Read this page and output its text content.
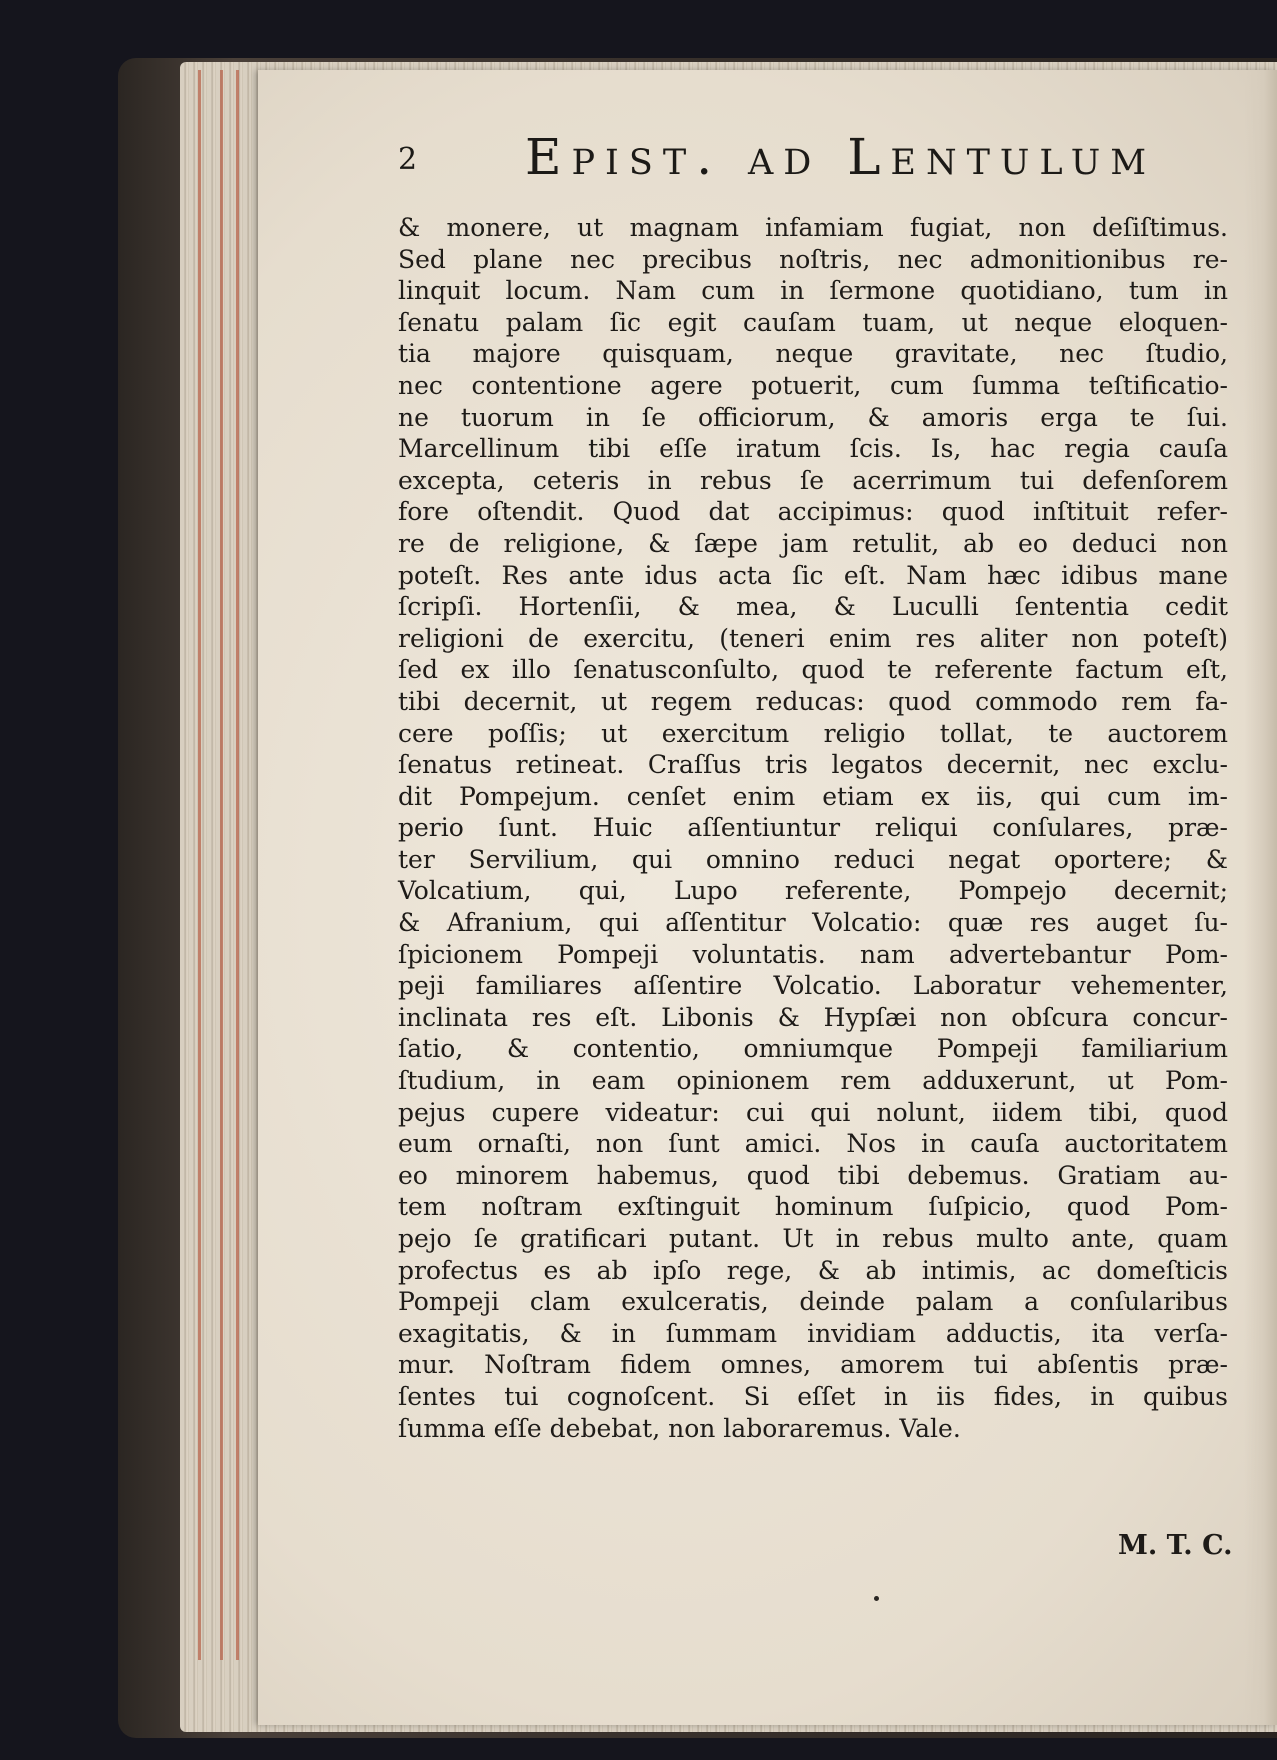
2 Epist. ad Lentulum
& monere, ut magnam infamiam fugiat, non deſiſtimus.
Sed plane nec precibus noſtris, nec admonitionibus re-
linquit locum. Nam cum in ſermone quotidiano, tum in
ſenatu palam ſic egit cauſam tuam, ut neque eloquen-
tia majore quisquam, neque gravitate, nec ſtudio,
nec contentione agere potuerit, cum ſumma teſtificatio-
ne tuorum in ſe officiorum, & amoris erga te ſui.
Marcellinum tibi eſſe iratum ſcis. Is, hac regia cauſa
excepta, ceteris in rebus ſe acerrimum tui defenſorem
fore oſtendit. Quod dat accipimus: quod inſtituit refer-
re de religione, & ſæpe jam retulit, ab eo deduci non
poteſt. Res ante idus acta ſic eſt. Nam hæc idibus mane
ſcripſi. Hortenſii, & mea, & Luculli ſententia cedit
religioni de exercitu, (teneri enim res aliter non poteſt)
ſed ex illo ſenatusconſulto, quod te referente factum eſt,
tibi decernit, ut regem reducas: quod commodo rem fa-
cere poſſis; ut exercitum religio tollat, te auctorem
ſenatus retineat. Craſſus tris legatos decernit, nec exclu-
dit Pompejum. cenſet enim etiam ex iis, qui cum im-
perio ſunt. Huic aſſentiuntur reliqui conſulares, præ-
ter Servilium, qui omnino reduci negat oportere; &
Volcatium, qui, Lupo referente, Pompejo decernit;
& Afranium, qui aſſentitur Volcatio: quæ res auget ſu-
ſpicionem Pompeji voluntatis. nam advertebantur Pom-
peji familiares aſſentire Volcatio. Laboratur vehementer,
inclinata res eſt. Libonis & Hypſæi non obſcura concur-
ſatio, & contentio, omniumque Pompeji familiarium
ſtudium, in eam opinionem rem adduxerunt, ut Pom-
pejus cupere videatur: cui qui nolunt, iidem tibi, quod
eum ornaſti, non ſunt amici. Nos in cauſa auctoritatem
eo minorem habemus, quod tibi debemus. Gratiam au-
tem noſtram exſtinguit hominum ſuſpicio, quod Pom-
pejo ſe gratificari putant. Ut in rebus multo ante, quam
profectus es ab ipſo rege, & ab intimis, ac domeſticis
Pompeji clam exulceratis, deinde palam a conſularibus
exagitatis, & in ſummam invidiam adductis, ita verſa-
mur. Noſtram fidem omnes, amorem tui abſentis præ-
ſentes tui cognoſcent. Si eſſet in iis fides, in quibus
ſumma eſſe debebat, non laboraremus. Vale.
M. T. C.
